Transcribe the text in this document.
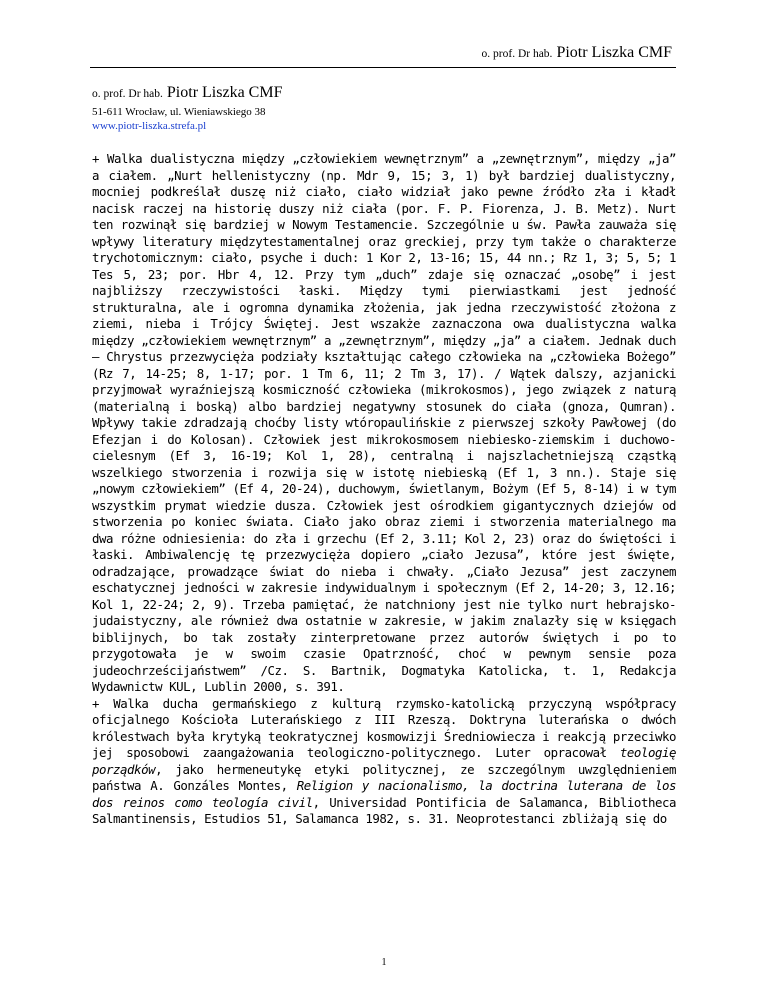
o. prof. Dr hab. Piotr Liszka CMF
o. prof. Dr hab. Piotr Liszka CMF
51-611 Wrocław, ul. Wieniawskiego 38
www.piotr-liszka.strefa.pl

+ Walka dualistyczna między „człowiekiem wewnętrznym” a „zewnętrznym”, między „ja” a ciałem. „Nurt hellenistyczny (np. Mdr 9, 15; 3, 1) był bardziej dualistyczny, mocniej podkreślał duszę niż ciało, ciało widział jako pewne źródło zła i kładł nacisk raczej na historię duszy niż ciała (por. F. P. Fiorenza, J. B. Metz). Nurt ten rozwinął się bardziej w Nowym Testamencie. Szczególnie u św. Pawła zauważa się wpływy literatury międzytestamentalnej oraz greckiej, przy tym także o charakterze trychotomicznym: ciało, psyche i duch: 1 Kor 2, 13-16; 15, 44 nn.; Rz 1, 3; 5, 5; 1 Tes 5, 23; por. Hbr 4, 12. Przy tym „duch” zdaje się oznaczać „osobę” i jest najbliższy rzeczywistości łaski. Między tymi pierwiastkami jest jedność strukturalna, ale i ogromna dynamika złożenia, jak jedna rzeczywistość złożona z ziemi, nieba i Trójcy Świętej. Jest wszakże zaznaczona owa dualistyczna walka między „człowiekiem wewnętrznym” a „zewnętrznym”, między „ja” a ciałem. Jednak duch – Chrystus przezwycięża podziały kształtując całego człowieka na „człowieka Bożego” (Rz 7, 14-25; 8, 1-17; por. 1 Tm 6, 11; 2 Tm 3, 17). / Wątek dalszy, azjanicki przyjmował wyraźniejszą kosmiczność człowieka (mikrokosmos), jego związek z naturą (materialną i boską) albo bardziej negatywny stosunek do ciała (gnoza, Qumran). Wpływy takie zdradzają choćby listy wtóropaulińskie z pierwszej szkoły Pawłowej (do Efezjan i do Kolosan). Człowiek jest mikrokosmosem niebiesko-ziemskim i duchowo-cielesnym (Ef 3, 16-19; Kol 1, 28), centralną i najszlachetniejszą cząstką wszelkiego stworzenia i rozwija się w istotę niebieską (Ef 1, 3 nn.). Staje się „nowym człowiekiem” (Ef 4, 20-24), duchowym, świetlanym, Bożym (Ef 5, 8-14) i w tym wszystkim prymat wiedzie dusza. Człowiek jest ośrodkiem gigantycznych dziejów od stworzenia po koniec świata. Ciało jako obraz ziemi i stworzenia materialnego ma dwa różne odniesienia: do zła i grzechu (Ef 2, 3.11; Kol 2, 23) oraz do świętości i łaski. Ambiwalencję tę przezwycięża dopiero „ciało Jezusa”, które jest święte, odradzające, prowadzące świat do nieba i chwały. „Ciało Jezusa” jest zaczynem eschatycznej jedności w zakresie indywidualnym i społecznym (Ef 2, 14-20; 3, 12.16; Kol 1, 22-24; 2, 9). Trzeba pamiętać, że natchniony jest nie tylko nurt hebrajsko-judaistyczny, ale również dwa ostatnie w zakresie, w jakim znalazły się w księgach biblijnych, bo tak zostały zinterpretowane przez autorów świętych i po to przygotowała je w swoim czasie Opatrzność, choć w pewnym sensie poza judeochrześcijaństwem” /Cz. S. Bartnik, Dogmatyka Katolicka, t. 1, Redakcja Wydawnictw KUL, Lublin 2000, s. 391.

+ Walka ducha germańskiego z kulturą rzymsko-katolicką przyczyną współpracy oficjalnego Kościoła Luterańskiego z III Rzeszą. Doktryna luterańska o dwóch królestwach była krytyką teokratycznej kosmowizji Średniowiecza i reakcją przeciwko jej sposobowi zaangażowania teologiczno-politycznego. Luter opracował teologię porządków, jako hermeneutykę etyki politycznej, ze szczególnym uwzględnieniem państwa A. Gonzáles Montes, Religion y nacionalismo, la doctrina luterana de los dos reinos como teología civil, Universidad Pontificia de Salamanca, Bibliotheca Salmantinensis, Estudios 51, Salamanca 1982, s. 31. Neoprotestanci zbliżają się do

1
